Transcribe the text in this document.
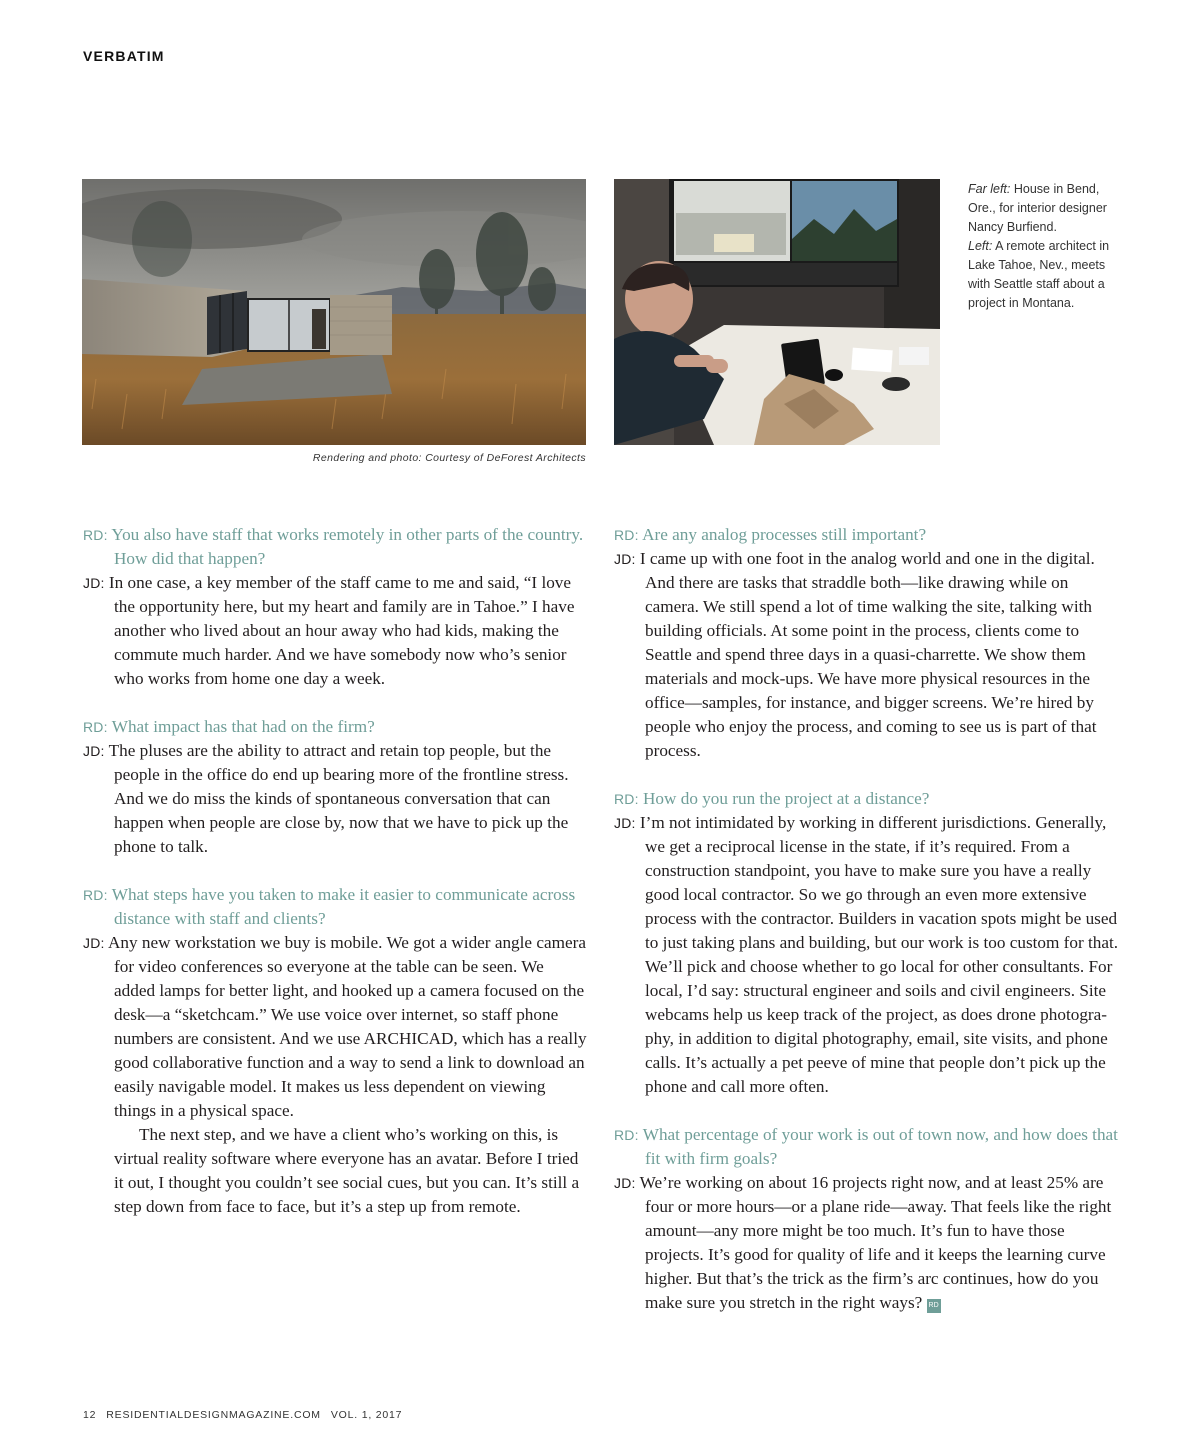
VERBATIM
Far left: House in Bend, Ore., for interior designer Nancy Burfiend.
Left: A remote architect in Lake Tahoe, Nev., meets with Seattle staff about a project in Montana.
Rendering and photo: Courtesy of DeForest Architects

RD: You also have staff that works remotely in other parts of the country. How did that happen?

JD: In one case, a key member of the staff came to me and said, “I love the opportunity here, but my heart and family are in Tahoe.” I have another who lived about an hour away who had kids, making the commute much harder. And we have somebody now who’s senior who works from home one day a week.

RD: What impact has that had on the firm?

JD: The pluses are the ability to attract and retain top people, but the people in the office do end up bearing more of the frontline stress. And we do miss the kinds of spontaneous conversation that can happen when people are close by, now that we have to pick up the phone to talk.

RD: What steps have you taken to make it easier to communicate across distance with staff and clients?

JD: Any new workstation we buy is mobile. We got a wider angle camera for video conferences so everyone at the table can be seen. We added lamps for better light, and hooked up a camera focused on the desk—a “sketchcam.” We use voice over internet, so staff phone numbers are consistent. And we use ARCHICAD, which has a really good collaborative function and a way to send a link to download an easily navigable model. It makes us less dependent on viewing things in a physical space.

The next step, and we have a client who’s working on this, is virtual reality software where everyone has an avatar. Before I tried it out, I thought you couldn’t see social cues, but you can. It’s still a step down from face to face, but it’s a step up from remote.

RD: Are any analog processes still important?

JD: I came up with one foot in the analog world and one in the digital. And there are tasks that straddle both—like drawing while on camera. We still spend a lot of time walking the site, talking with building officials. At some point in the process, clients come to Seattle and spend three days in a quasi-charrette. We show them materials and mock-ups. We have more physical resources in the office—samples, for instance, and bigger screens. We’re hired by people who enjoy the process, and coming to see us is part of that process.

RD: How do you run the project at a distance?

JD: I’m not intimidated by working in different jurisdictions. Generally, we get a reciprocal license in the state, if it’s required. From a construction standpoint, you have to make sure you have a really good local contractor. So we go through an even more extensive process with the contractor. Builders in vacation spots might be used to just taking plans and building, but our work is too custom for that. We’ll pick and choose whether to go local for other consultants. For local, I’d say: structural engineer and soils and civil engineers. Site webcams help us keep track of the project, as does drone photography, in addition to digital photography, email, site visits, and phone calls. It’s actually a pet peeve of mine that people don’t pick up the phone and call more often.

RD: What percentage of your work is out of town now, and how does that fit with firm goals?

JD: We’re working on about 16 projects right now, and at least 25% are four or more hours—or a plane ride—away. That feels like the right amount—any more might be too much. It’s fun to have those projects. It’s good for quality of life and it keeps the learning curve higher. But that’s the trick as the firm’s arc continues, how do you make sure you stretch in the right ways? RD

12 RESIDENTIALDESIGNMAGAZINE.COM VOL. 1, 2017
